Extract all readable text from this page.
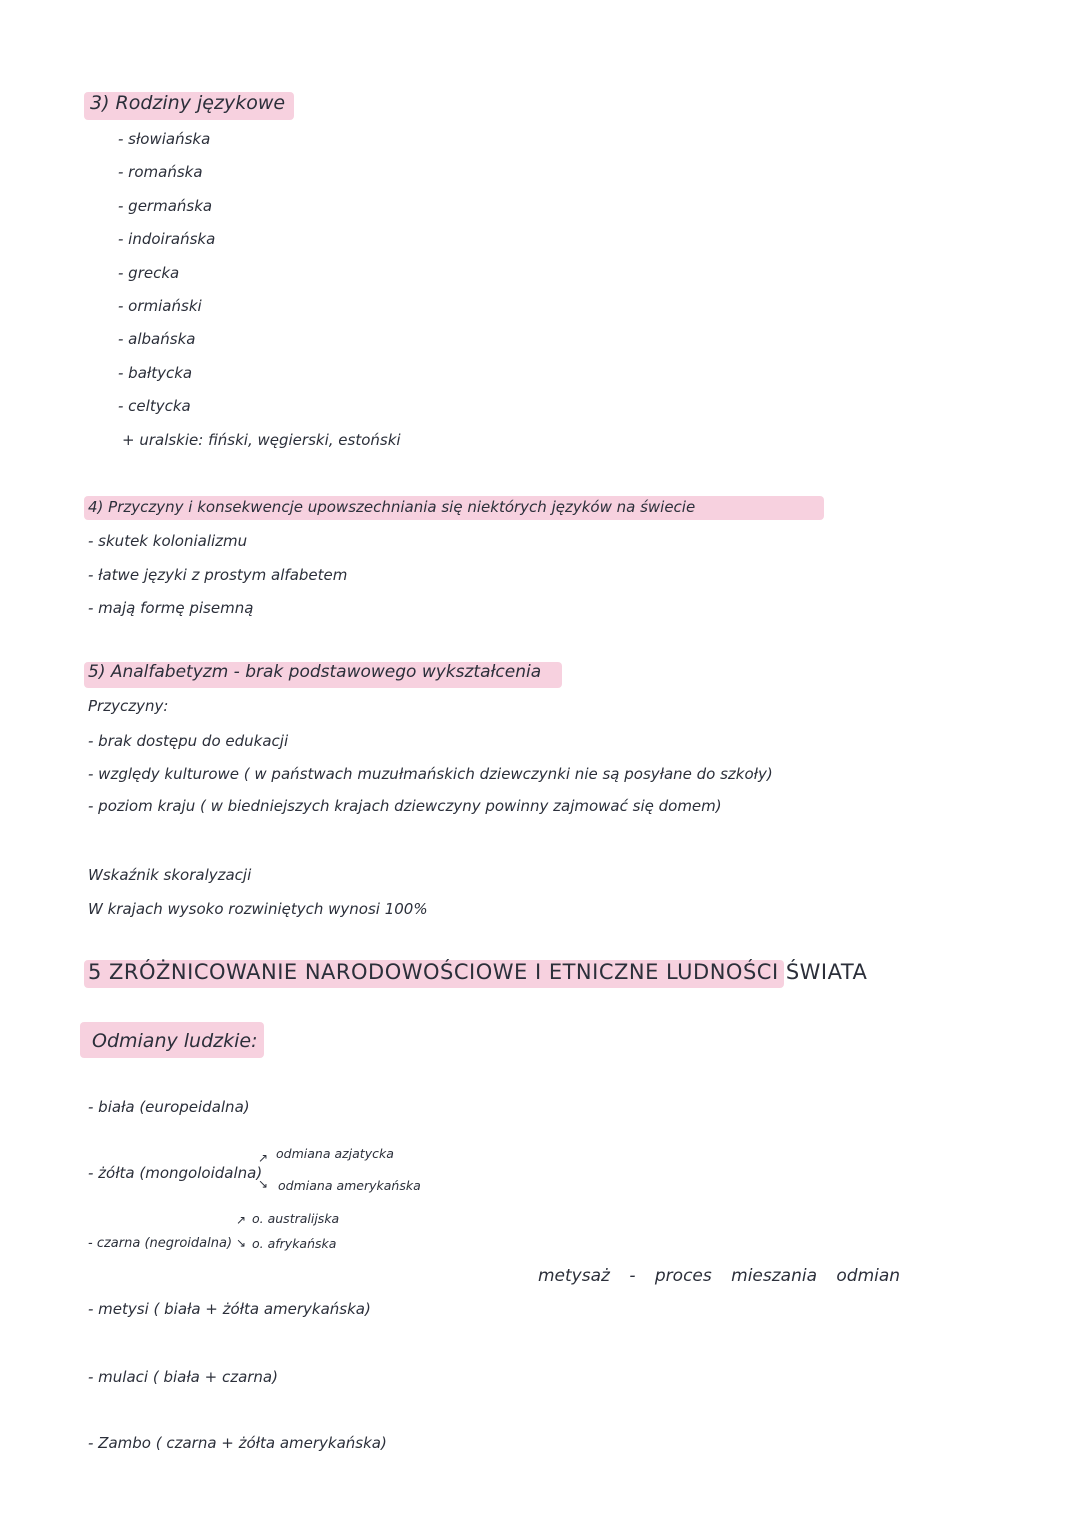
3) Rodziny językowe
- słowiańska
- romańska
- germańska
- indoirańska
- grecka
- ormiański
- albańska
- bałtycka
- celtycka
+ uralskie: fiński, węgierski, estoński
4) Przyczyny i konsekwencje upowszechniania się niektórych języków na świecie
- skutek kolonializmu
- łatwe języki z prostym alfabetem
- mają formę pisemną
5) Analfabetyzm - brak podstawowego wykształcenia
Przyczyny:
- brak dostępu do edukacji
- względy kulturowe ( w państwach muzułmańskich dziewczynki nie są posyłane do szkoły)
- poziom kraju ( w biedniejszych krajach dziewczyny powinny zajmować się domem)
Wskaźnik skoralyzacji
W krajach wysoko rozwiniętych wynosi 100%
5 ZRÓŻNICOWANIE NARODOWOŚCIOWE I ETNICZNE LUDNOŚCI ŚWIATA
Odmiany ludzkie:
- biała (europeidalna)
- żółta (mongoloidalna)
↗
↘
odmiana azjatycka
odmiana amerykańska
- czarna (negroidalna)
↗
↘
o. australijska
o. afrykańska
metysaż - proces mieszania odmian
- metysi ( biała + żółta amerykańska)
- mulaci ( biała + czarna)
- Zambo ( czarna + żółta amerykańska)
